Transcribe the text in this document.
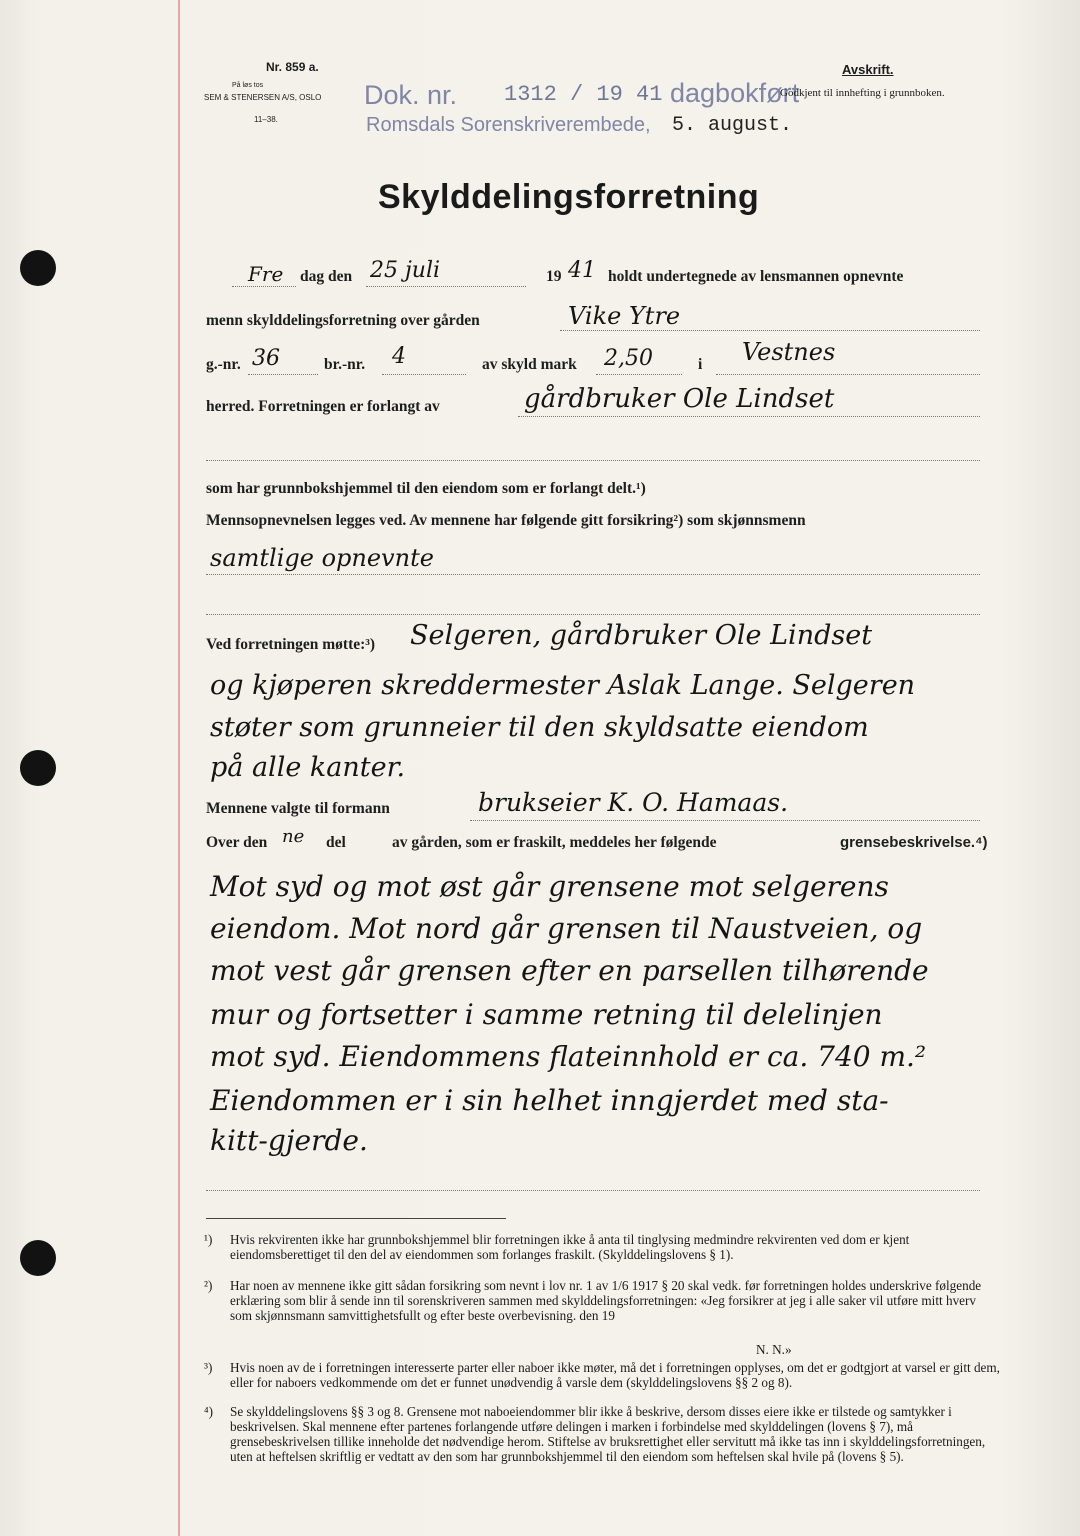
Nr. 859 a.
På løs tos
SEM & STENERSEN A/S, OSLO
11–38.
Dok. nr. 1312 / 19 41 dagbokført
Romsdals Sorenskriverembede, 5. august.
Avskrift.
Godkjent til innhefting i grunnboken.
Skylddelingsforretning
Fre dag den 25 juli	19 41 holdt undertegnede av lensmannen opnevnte
menn skylddelingsforretning over gården	Vike Ytre
g.-nr. 36	br.-nr. 4	av skyld mark 2,50	i Vestnes
herred. Forretningen er forlangt av	gårdbruker Ole Lindset
som har grunnbokshjemmel til den eiendom som er forlangt delt.¹)
Mennsopnevnelsen legges ved. Av mennene har følgende gitt forsikring²) som skjønnsmenn
samtlige opnevnte
Ved forretningen møtte:³) Selgeren, gårdbruker Ole Lindset
og kjøperen skreddermester Aslak Lange. Selgeren
støter som grunneier til den skyldsatte eiendom
på alle kanter.
Mennene valgte til formann	bruksei​er K. O. Hamaas.
Over den ne del	av gården, som er fraskilt, meddeles her følgende	grensebeskrivelse.⁴)
Mot syd og mot øst går grensene mot selgerens
eiendom. Mot nord går grensen til Naustveien, og
mot vest går grensen efter en parsellen tilhørende
mur og fortsetter i samme retning til delelinjen
mot syd. Eiendommens flateinnhold er ca. 740 m.²
Eiendommen er i sin helhet inngjerdet med sta-
kitt-gjerde.
¹) Hvis rekvirenten ikke har grunnbokshjemmel blir forretningen ikke å anta til tinglysing medmindre rekvirenten ved dom er kjent eiendomsberettiget til den del av eiendommen som forlanges fraskilt. (Skylddelingslovens § 1).
²) Har noen av mennene ikke gitt sådan forsikring som nevnt i lov nr. 1 av 1/6 1917 § 20 skal vedk. før forretningen holdes underskrive følgende erklæring som blir å sende inn til sorenskriveren sammen med skylddelingsforretningen: «Jeg forsikrer at jeg i alle saker vil utføre mitt hverv som skjønnsmann samvittighetsfullt og efter beste overbevisning. den 19
N. N.»
³) Hvis noen av de i forretningen interesserte parter eller naboer ikke møter, må det i forretningen opplyses, om det er godtgjort at varsel er gitt dem, eller for naboers vedkommende om det er funnet unødvendig å varsle dem (skylddelingslovens §§ 2 og 8).
⁴) Se skylddelingslovens §§ 3 og 8. Grensene mot naboeiendommer blir ikke å beskrive, dersom disses eiere ikke er tilstede og samtykker i beskrivelsen. Skal mennene efter partenes forlangende utføre delingen i marken i forbindelse med skylddelingen (lovens § 7), må grensebeskrivelsen tillike inneholde det nødvendige herom. Stiftelse av bruksrettighet eller servitutt må ikke tas inn i skylddelingsforretningen, uten at heftelsen skriftlig er vedtatt av den som har grunnbokshjemmel til den eiendom som heftelsen skal hvile på (lovens § 5).
